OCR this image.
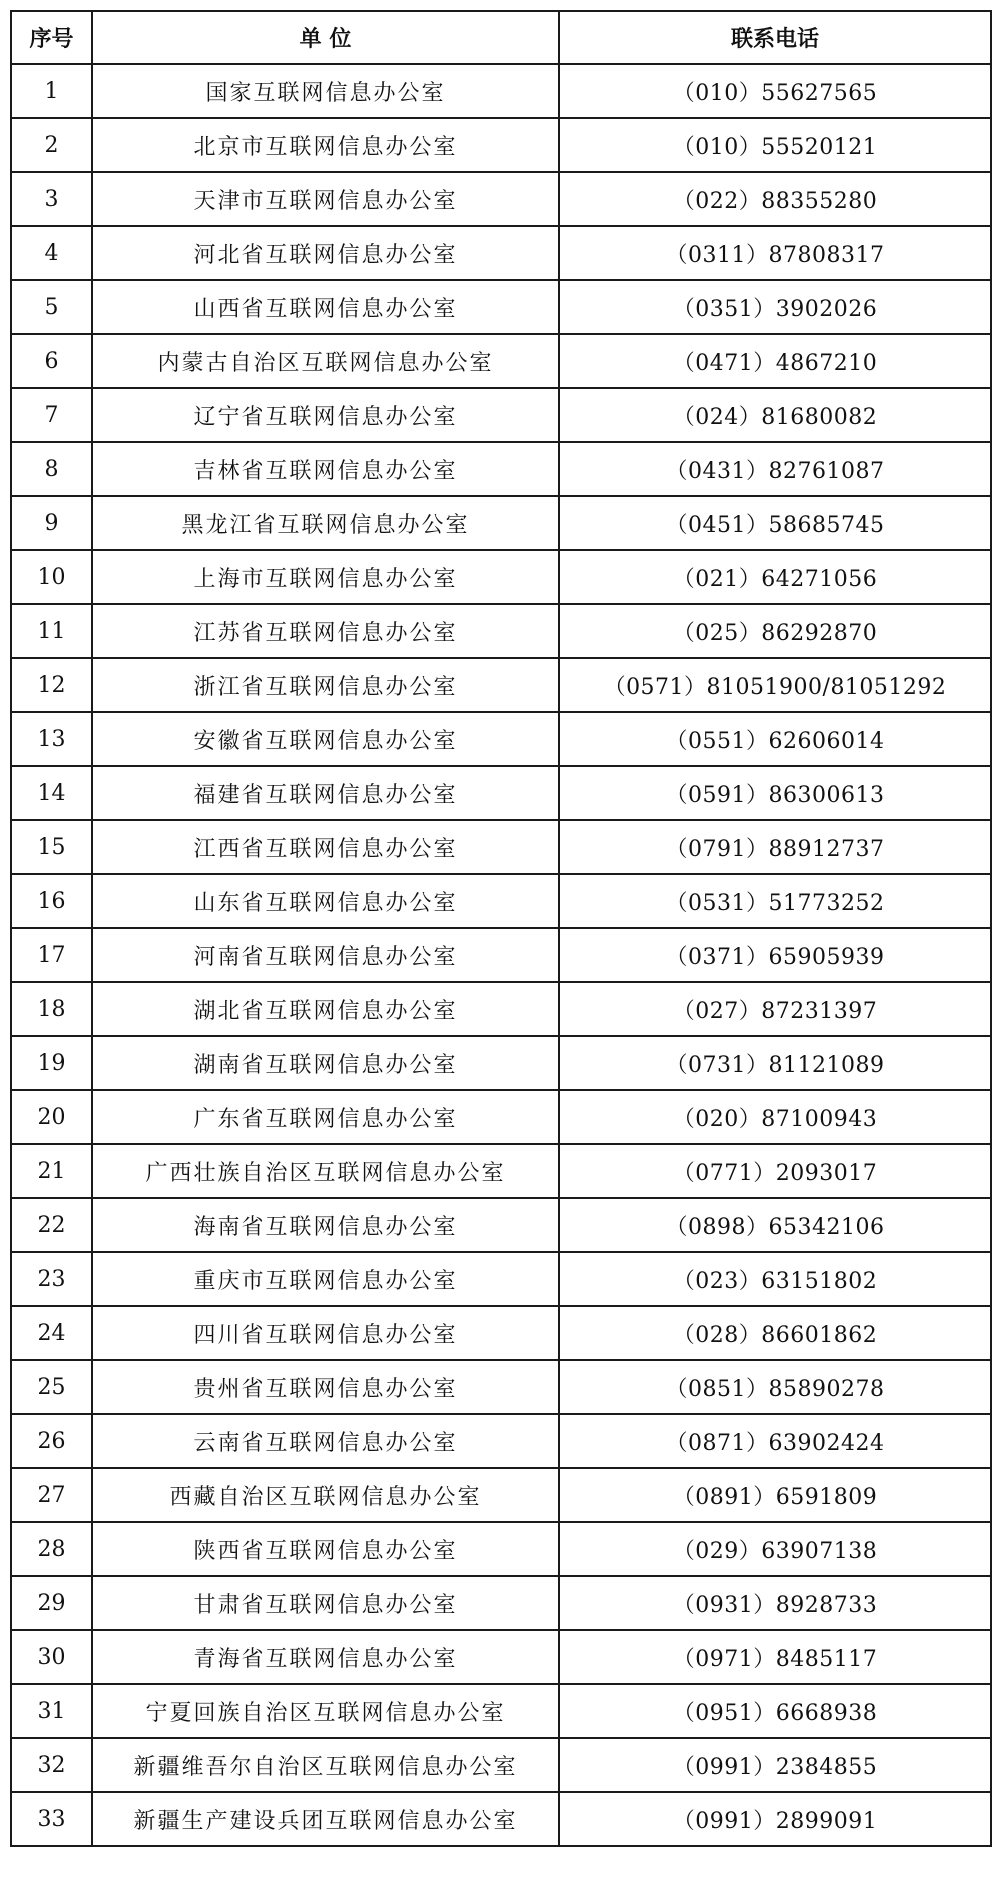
序号	单 位	联系电话
1	国家互联网信息办公室	（010）55627565
2	北京市互联网信息办公室	（010）55520121
3	天津市互联网信息办公室	（022）88355280
4	河北省互联网信息办公室	（0311）87808317
5	山西省互联网信息办公室	（0351）3902026
6	内蒙古自治区互联网信息办公室	（0471）4867210
7	辽宁省互联网信息办公室	（024）81680082
8	吉林省互联网信息办公室	（0431）82761087
9	黑龙江省互联网信息办公室	（0451）58685745
10	上海市互联网信息办公室	（021）64271056
11	江苏省互联网信息办公室	（025）86292870
12	浙江省互联网信息办公室	（0571）81051900/81051292
13	安徽省互联网信息办公室	（0551）62606014
14	福建省互联网信息办公室	（0591）86300613
15	江西省互联网信息办公室	（0791）88912737
16	山东省互联网信息办公室	（0531）51773252
17	河南省互联网信息办公室	（0371）65905939
18	湖北省互联网信息办公室	（027）87231397
19	湖南省互联网信息办公室	（0731）81121089
20	广东省互联网信息办公室	（020）87100943
21	广西壮族自治区互联网信息办公室	（0771）2093017
22	海南省互联网信息办公室	（0898）65342106
23	重庆市互联网信息办公室	（023）63151802
24	四川省互联网信息办公室	（028）86601862
25	贵州省互联网信息办公室	（0851）85890278
26	云南省互联网信息办公室	（0871）63902424
27	西藏自治区互联网信息办公室	（0891）6591809
28	陕西省互联网信息办公室	（029）63907138
29	甘肃省互联网信息办公室	（0931）8928733
30	青海省互联网信息办公室	（0971）8485117
31	宁夏回族自治区互联网信息办公室	（0951）6668938
32	新疆维吾尔自治区互联网信息办公室	（0991）2384855
33	新疆生产建设兵团互联网信息办公室	（0991）2899091
